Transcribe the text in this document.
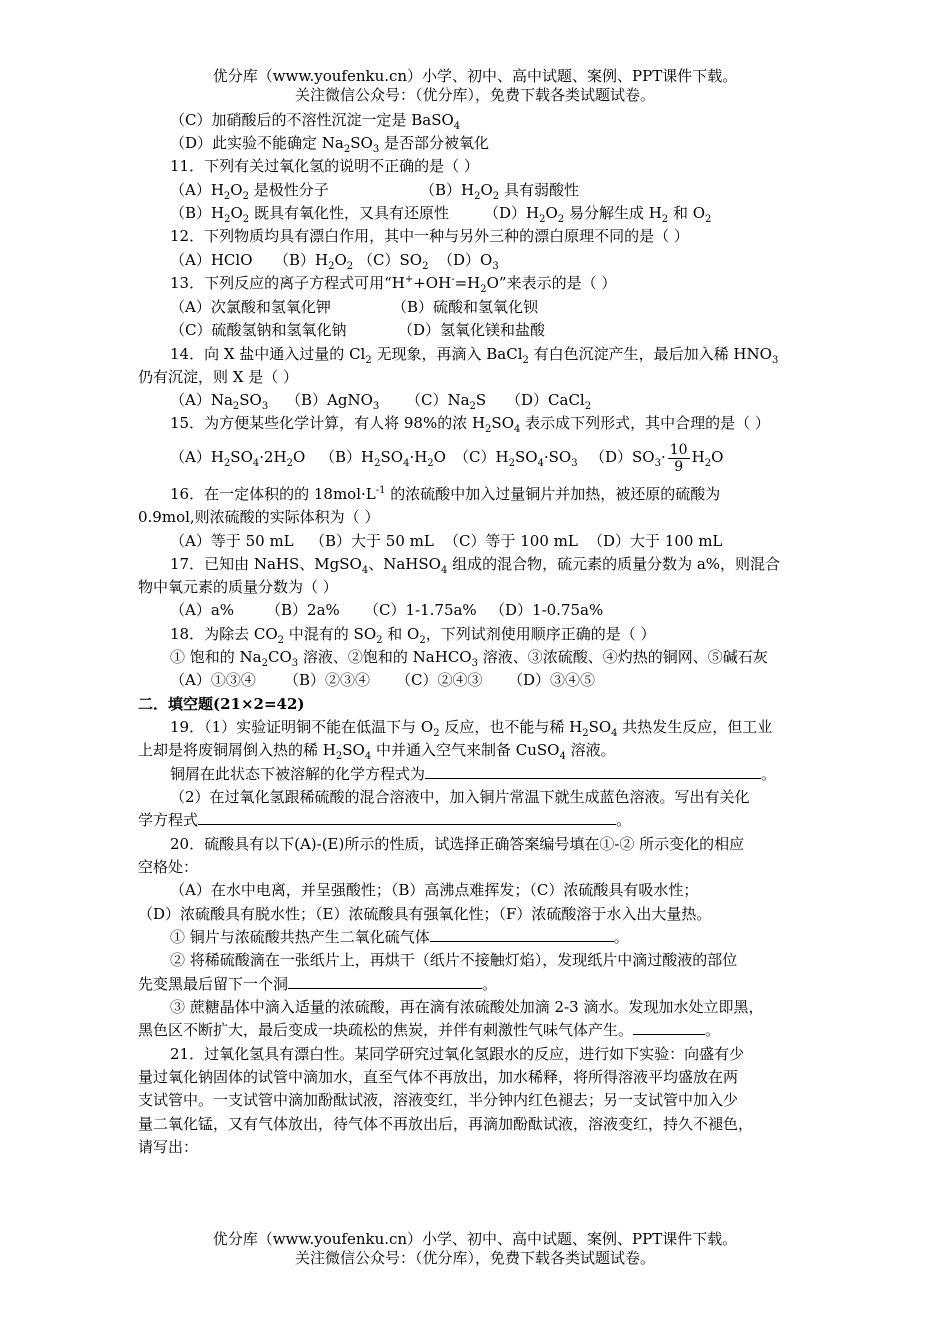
优分库（www.youfenku.cn）小学、初中、高中试题、案例、PPT课件下载。
关注微信公众号：（优分库），免费下载各类试题试卷。
（C）加硝酸后的不溶性沉淀一定是 BaSO$_4$
（D）此实验不能确定 $Na_2SO_3$ 是否部分被氧化
11．下列有关过氧化氢的说明不正确的是（ ）
$(A)H_2O_2$ 是极性分子	$(B)H_2O_2$ 具有弱酸性
$(B)H_2O_2$ 既具有氧化性，又具有还原性 $(D)H_2O_2$ 易分解生成 $H_2$ 和 $O_2$
12．下列物质均具有漂白作用，其中一种与另外三种的漂白原理不同的是（ ）
（A）HClO $(B)H_2O_2$ $(C)SO_2$ $(D)O_3$
13．下列反应的离子方程式可用“$H^++OH^-=H_2O$”来表示的是（ ）
（A）次氯酸和氢氧化钾	（B）硫酸和氢氧化钡
（C）硫酸氢钠和氢氧化钠	（D）氢氧化镁和盐酸
14．向 X 盐中通入过量的 $Cl_2$ 无现象，再滴入 BaCl$_2$ 有白色沉淀产生，最后加入稀 $HNO_3$
仍有沉淀，则 X 是（ ）
$(A)Na_2SO_3$ （B）AgNO$_3$ $(C)Na_2S$ （D）CaCl$_2$
15．为方便某些化学计算，有人将 98%的浓 $H_2SO_4$ 表示成下列形式，其中合理的是（ ）
$(A)H_2SO_4\cdot 2H_2O$ $(B)H_2SO_4\cdot H_2O$ $(C)H_2SO_4\cdot SO_3$ $(D)SO_3\cdot \frac{10}{9} H_2O$
16．在一定体积的的 $18mol\cdot L^{-1}$ 的浓硫酸中加入过量铜片并加热，被还原的硫酸为
0.9mol,则浓硫酸的实际体积为（ ）
（A）等于 50 mL （B）大于 50 mL （C）等于 100 mL （D）大于 100 mL
17．已知由 NaHS、MgSO$_4$、NaHSO$_4$ 组成的混合物，硫元素的质量分数为 a%，则混合
物中氧元素的质量分数为（ ）
（A）a% （B）2a% （C）1-1.75a% （D）1-0.75a%
18．为除去 $CO_2$ 中混有的 $SO_2$ 和 $O_2$，下列试剂使用顺序正确的是（ ）
① 饱和的 $Na_2CO_3$ 溶液、②饱和的 NaHCO$_3$ 溶液、③浓硫酸、④灼热的铜网、⑤碱石灰
（A）①③④ （B）②③④ （C）②④③ （D）③④⑤
二．填空题(21×2=42)
19．（1）实验证明铜不能在低温下与 $O_2$ 反应，也不能与稀 $H_2SO_4$ 共热发生反应，但工业
上却是将废铜屑倒入热的稀 $H_2SO_4$ 中并通入空气来制备 CuSO$_4$ 溶液。
铜屑在此状态下被溶解的化学方程式为	。
（2）在过氧化氢跟稀硫酸的混合溶液中，加入铜片常温下就生成蓝色溶液。写出有关化
学方程式	。
20．硫酸具有以下(A)-(E)所示的性质，试选择正确答案编号填在①-② 所示变化的相应
空格处：
（A）在水中电离，并呈强酸性；（B）高沸点难挥发；（C）浓硫酸具有吸水性；
（D）浓硫酸具有脱水性；（E）浓硫酸具有强氧化性；（F）浓硫酸溶于水入出大量热。
① 铜片与浓硫酸共热产生二氧化硫气体	。
② 将稀硫酸滴在一张纸片上，再烘干（纸片不接触灯焰），发现纸片中滴过酸液的部位
先变黑最后留下一个洞	。
③ 蔗糖晶体中滴入适量的浓硫酸，再在滴有浓硫酸处加滴 2-3 滴水。发现加水处立即黑，
黑色区不断扩大，最后变成一块疏松的焦炭，并伴有刺激性气味气体产生。	。
21．过氧化氢具有漂白性。某同学研究过氧化氢跟水的反应，进行如下实验：向盛有少
量过氧化钠固体的试管中滴加水，直至气体不再放出，加水稀释，将所得溶液平均盛放在两
支试管中。一支试管中滴加酚酞试液，溶液变红，半分钟内红色褪去；另一支试管中加入少
量二氧化锰，又有气体放出，待气体不再放出后，再滴加酚酞试液，溶液变红，持久不褪色，
请写出：
优分库（www.youfenku.cn）小学、初中、高中试题、案例、PPT课件下载。
关注微信公众号：（优分库），免费下载各类试题试卷。
